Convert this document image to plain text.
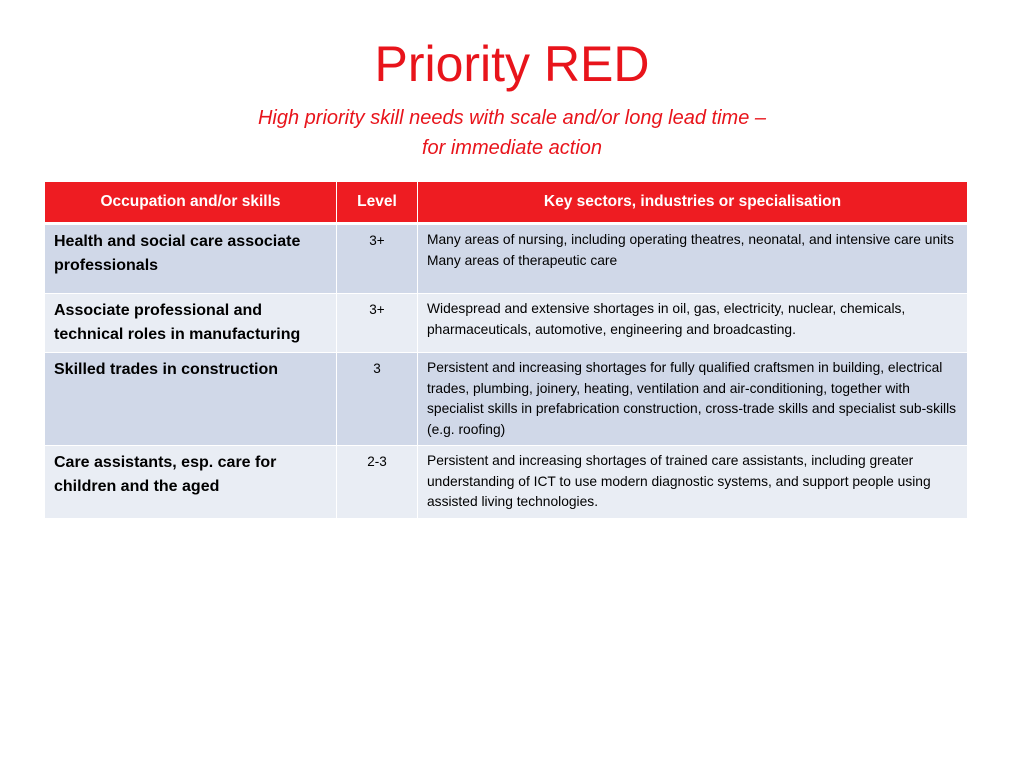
Priority RED
High priority skill needs with scale and/or long lead time –
for immediate action
Occupation and/or skills	Level	Key sectors, industries or specialisation
Health and social care associate professionals	3+	Many areas of nursing, including operating theatres, neonatal, and intensive care units
Many areas of therapeutic care

Associate professional and technical roles in manufacturing	3+	Widespread and extensive shortages in oil, gas, electricity, nuclear, chemicals, pharmaceuticals, automotive, engineering and broadcasting.

Skilled trades in construction	3	Persistent and increasing shortages for fully qualified craftsmen in building, electrical trades, plumbing, joinery, heating, ventilation and air-conditioning, together with specialist skills in prefabrication construction, cross-trade skills and specialist sub-skills (e.g. roofing)

Care assistants, esp. care for children and the aged	2-3	Persistent and increasing shortages of trained care assistants, including greater understanding of ICT to use modern diagnostic systems, and support people using assisted living technologies.
